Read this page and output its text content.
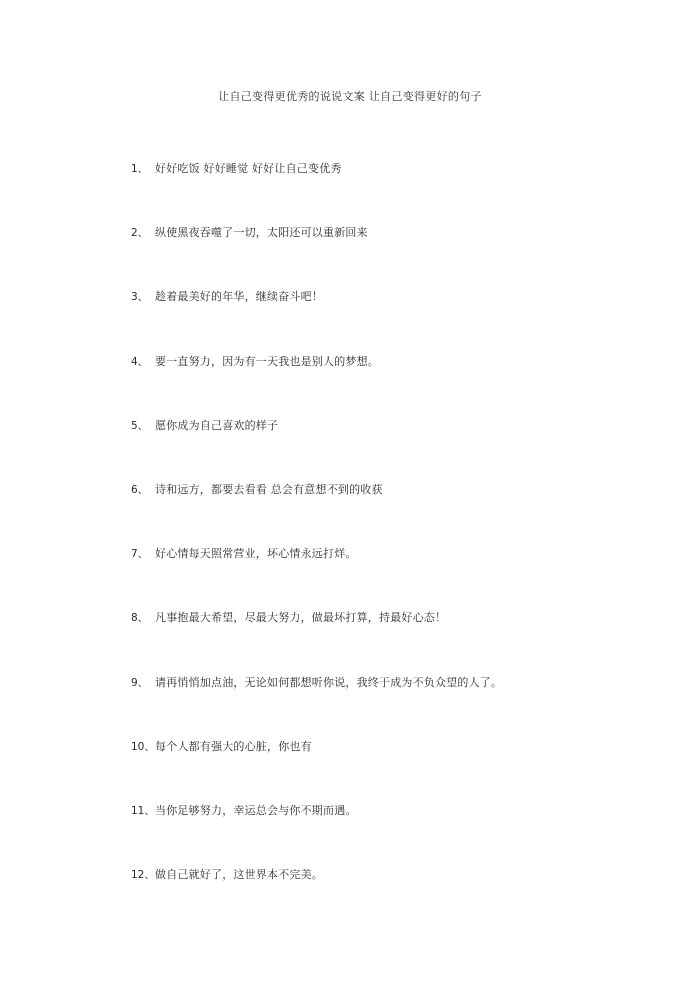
让自己变得更优秀的说说文案 让自己变得更好的句子
1、 好好吃饭 好好睡觉 好好让自己变优秀
2、 纵使黑夜吞噬了一切，太阳还可以重新回来
3、 趁着最美好的年华，继续奋斗吧！
4、 要一直努力，因为有一天我也是别人的梦想。
5、 愿你成为自己喜欢的样子
6、 诗和远方，都要去看看 总会有意想不到的收获
7、 好心情每天照常营业，坏心情永远打烊。
8、 凡事抱最大希望，尽最大努力，做最坏打算，持最好心态！
9、 请再悄悄加点油，无论如何都想听你说，我终于成为不负众望的人了。
10、 每个人都有强大的心脏，你也有
11、 当你足够努力，幸运总会与你不期而遇。
12、 做自己就好了，这世界本不完美。
